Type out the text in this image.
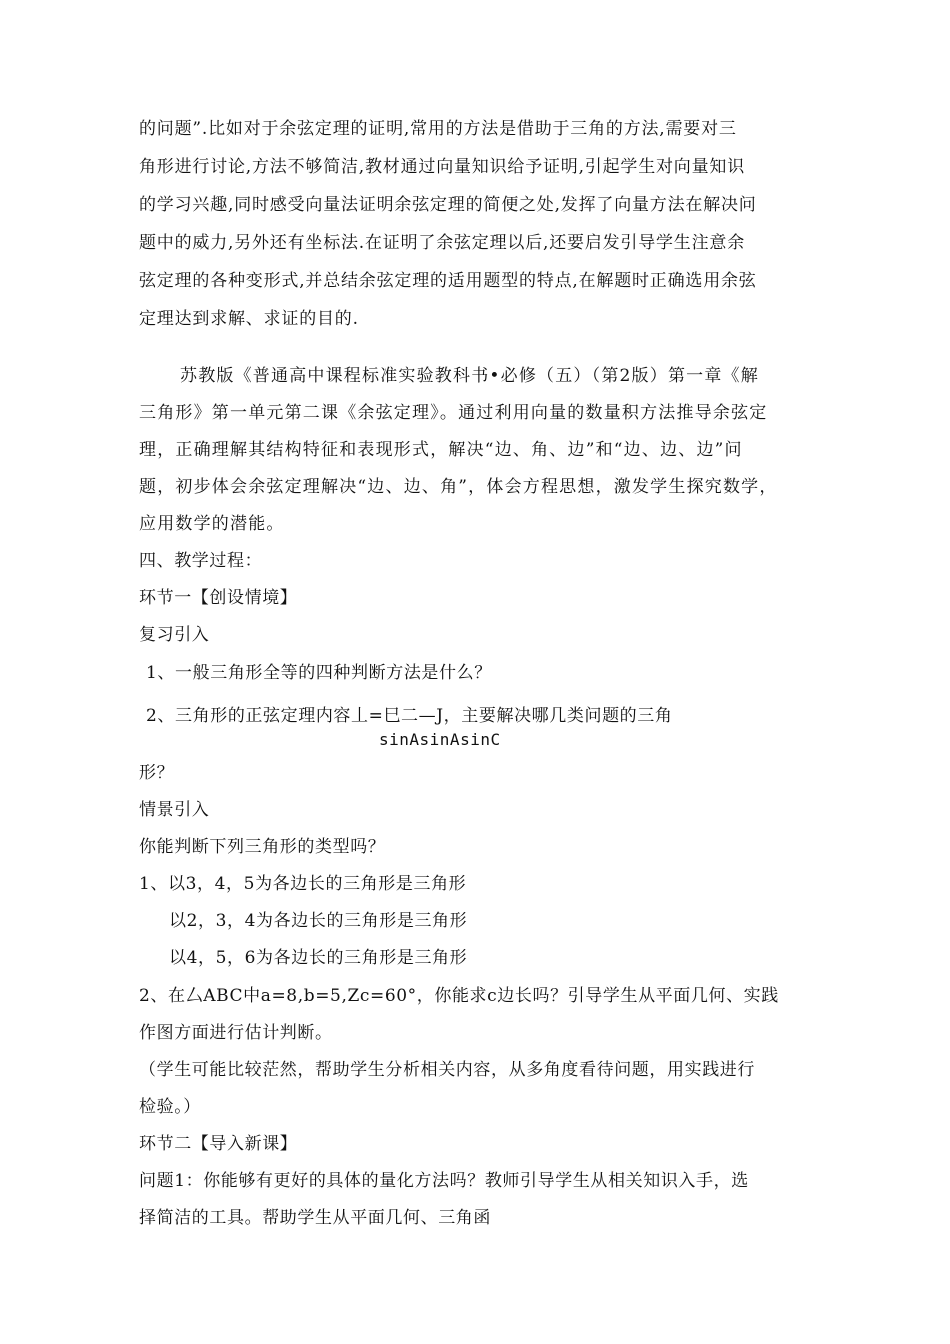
的问题”.比如对于余弦定理的证明,常用的方法是借助于三角的方法,需要对三
角形进行讨论,方法不够简洁,教材通过向量知识给予证明,引起学生对向量知识
的学习兴趣,同时感受向量法证明余弦定理的简便之处,发挥了向量方法在解决问
题中的威力,另外还有坐标法.在证明了余弦定理以后,还要启发引导学生注意余
弦定理的各种变形式,并总结余弦定理的适用题型的特点,在解题时正确选用余弦
定理达到求解、求证的目的.
苏教版《普通高中课程标准实验教科书•必修（五）（第2版）第一章《解
三角形》第一单元第二课《余弦定理》。通过利用向量的数量积方法推导余弦定
理，正确理解其结构特征和表现形式，解决“边、角、边”和“边、边、边”问
题，初步体会余弦定理解决“边、边、角”，体会方程思想，激发学生探究数学，
应用数学的潜能。
四、教学过程：
环节一【创设情境】
复习引入
1、一般三角形全等的四种判断方法是什么？
2、三角形的正弦定理内容丄=巳二—J，主要解决哪几类问题的三角
sinAsinAsinC
形？
情景引入
你能判断下列三角形的类型吗？
1、以3，4，5为各边长的三角形是三角形
以2，3，4为各边长的三角形是三角形
以4，5，6为各边长的三角形是三角形
2、在厶ABC中a=8,b=5,Zc=60°，你能求c边长吗？引导学生从平面几何、实践
作图方面进行估计判断。
（学生可能比较茫然，帮助学生分析相关内容，从多角度看待问题，用实践进行
检验。）
环节二【导入新课】
问题1：你能够有更好的具体的量化方法吗？教师引导学生从相关知识入手，选
择简洁的工具。帮助学生从平面几何、三角函
